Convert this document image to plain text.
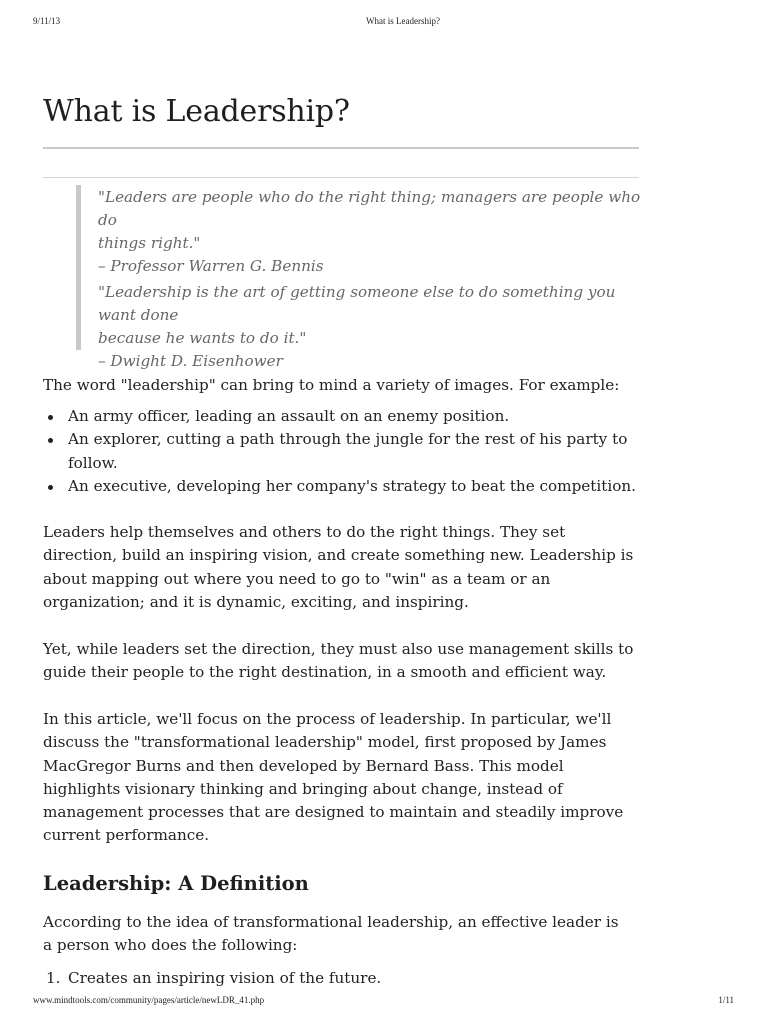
9/11/13	What is Leadership?
What is Leadership?
"Leaders are people who do the right thing; managers are people who do
things right."
– Professor Warren G. Bennis
"Leadership is the art of getting someone else to do something you want done
because he wants to do it."
– Dwight D. Eisenhower

The word "leadership" can bring to mind a variety of images. For example:

An army officer, leading an assault on an enemy position.
An explorer, cutting a path through the jungle for the rest of his party to follow.
An executive, developing her company's strategy to beat the competition.

Leaders help themselves and others to do the right things. They set direction, build an inspiring vision, and create something new. Leadership is about mapping out where you need to go to "win" as a team or an organization; and it is dynamic, exciting, and inspiring.

Yet, while leaders set the direction, they must also use management skills to guide their people to the right destination, in a smooth and efficient way.

In this article, we'll focus on the process of leadership. In particular, we'll discuss the "transformational leadership" model, first proposed by James MacGregor Burns and then developed by Bernard Bass. This model highlights visionary thinking and bringing about change, instead of management processes that are designed to maintain and steadily improve current performance.

Leadership: A Definition

According to the idea of transformational leadership, an effective leader is a person who does the following:

1. Creates an inspiring vision of the future.
www.mindtools.com/community/pages/article/newLDR_41.php	1/11
